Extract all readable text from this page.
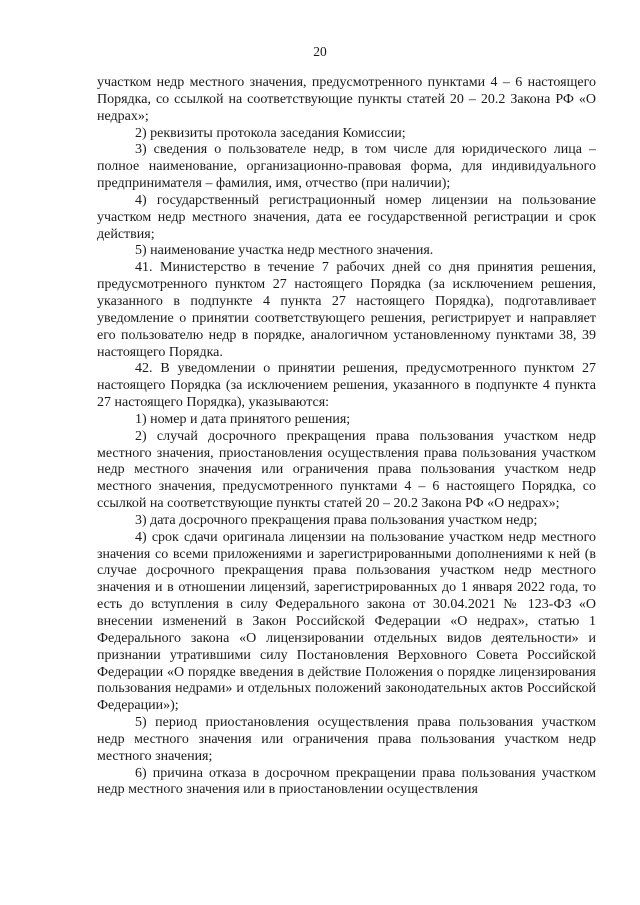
20

участком недр местного значения, предусмотренного пунктами 4 – 6 настоящего Порядка, со ссылкой на соответствующие пункты статей 20 – 20.2 Закона РФ «О недрах»;

2) реквизиты протокола заседания Комиссии;

3) сведения о пользователе недр, в том числе для юридического лица – полное наименование, организационно-правовая форма, для индивидуального предпринимателя – фамилия, имя, отчество (при наличии);

4) государственный регистрационный номер лицензии на пользование участком недр местного значения, дата ее государственной регистрации и срок действия;

5) наименование участка недр местного значения.

41. Министерство в течение 7 рабочих дней со дня принятия решения, предусмотренного пунктом 27 настоящего Порядка (за исключением решения, указанного в подпункте 4 пункта 27 настоящего Порядка), подготавливает уведомление о принятии соответствующего решения, регистрирует и направляет его пользователю недр в порядке, аналогичном установленному пунктами 38, 39 настоящего Порядка.

42. В уведомлении о принятии решения, предусмотренного пунктом 27 настоящего Порядка (за исключением решения, указанного в подпункте 4 пункта 27 настоящего Порядка), указываются:

1) номер и дата принятого решения;

2) случай досрочного прекращения права пользования участком недр местного значения, приостановления осуществления права пользования участком недр местного значения или ограничения права пользования участком недр местного значения, предусмотренного пунктами 4 – 6 настоящего Порядка, со ссылкой на соответствующие пункты статей 20 – 20.2 Закона РФ «О недрах»;

3) дата досрочного прекращения права пользования участком недр;

4) срок сдачи оригинала лицензии на пользование участком недр местного значения со всеми приложениями и зарегистрированными дополнениями к ней (в случае досрочного прекращения права пользования участком недр местного значения и в отношении лицензий, зарегистрированных до 1 января 2022 года, то есть до вступления в силу Федерального закона от 30.04.2021 № 123-ФЗ «О внесении изменений в Закон Российской Федерации «О недрах», статью 1 Федерального закона «О лицензировании отдельных видов деятельности» и признании утратившими силу Постановления Верховного Совета Российской Федерации «О порядке введения в действие Положения о порядке лицензирования пользования недрами» и отдельных положений законодательных актов Российской Федерации»);

5) период приостановления осуществления права пользования участком недр местного значения или ограничения права пользования участком недр местного значения;

6) причина отказа в досрочном прекращении права пользования участком недр местного значения или в приостановлении осуществления
